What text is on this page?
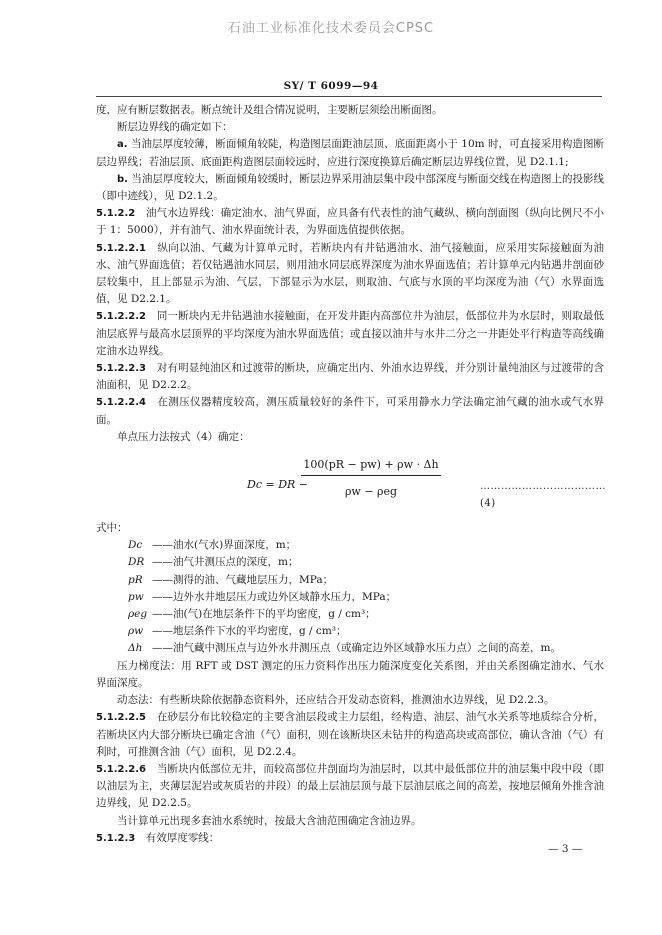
石油工业标准化技术委员会CPSC
SY/ T 6099—94

度，应有断层数据表。断点统计及组合情况说明，主要断层须绘出断面图。

断层边界线的确定如下：

a. 当油层厚度较薄，断面倾角较陡，构造图层面距油层顶、底面距离小于 10m 时，可直接采用构造图断层边界线；若油层顶、底面距构造图层面较远时，应进行深度换算后确定断层边界线位置，见 D2.1.1;

b. 当油层厚度较大，断面倾角较缓时，断层边界采用油层集中段中部深度与断面交线在构造图上的投影线（即中迹线），见 D2.1.2。

5.1.2.2　 油气水边界线：确定油水、油气界面，应具备有代表性的油气藏纵、横向剖面图（纵向比例尺不小于 1：5000），并有油气、油水界面统计表，为界面选值提供依据。

5.1.2.2.1　 纵向以油、气藏为计算单元时，若断块内有井钻遇油水、油气接触面，应采用实际接触面为油水、油气界面选值；若仅钻遇油水同层，则用油水同层底界深度为油水界面选值；若计算单元内钻遇井剖面砂层较集中，且上部显示为油、气层，下部显示为水层，则取油、气底与水顶的平均深度为油（气）水界面选值，见 D2.2.1。

5.1.2.2.2　 同一断块内无井钻遇油水接触面，在开发井距内高部位井为油层，低部位井为水层时，则取最低油层底界与最高水层顶界的平均深度为油水界面选值；或直接以油井与水井二分之一井距处平行构造等高线确定油水边界线。

5.1.2.2.3　 对有明显纯油区和过渡带的断块，应确定出内、外油水边界线，并分别计量纯油区与过渡带的含油面积，见 D2.2.2。

5.1.2.2.4　 在测压仪器精度较高，测压质量较好的条件下，可采用静水力学法确定油气藏的油水或气水界面。

单点压力法按式（4）确定：

Dc = DR −
100(pR − pw) + ρw · Δh
ρw − ρeg	………………………………(4)

式中：

Dc ——油水(气水)界面深度，m；

DR ——油气井测压点的深度，m；

pR ——测得的油、气藏地层压力，MPa；

pw ——边外水井地层压力或边外区域静水压力，MPa；

ρeg ——油(气)在地层条件下的平均密度，g / cm³；

ρw ——地层条件下水的平均密度，g / cm³；

Δh ——油气藏中测压点与边外水井测压点（或确定边外区域静水压力点）之间的高差，m。

压力梯度法：用 RFT 或 DST 测定的压力资料作出压力随深度变化关系图，并由关系图确定油水、气水界面深度。

动态法：有些断块除依据静态资料外，还应结合开发动态资料，推测油水边界线，见 D2.2.3。

5.1.2.2.5　 在砂层分布比较稳定的主要含油层段或主力层组，经构造、油层、油气水关系等地质综合分析，若断块区内大部分断块已确定含油（气）面积，则在该断块区未钻井的构造高块或高部位，确认含油（气）有利时，可推测含油（气）面积，见 D2.2.4。

5.1.2.2.6　 当断块内低部位无井，而较高部位井剖面均为油层时，以其中最低部位井的油层集中段中段（即以油层为主，夹薄层泥岩或灰质岩的井段）的最上层油层顶与最下层油层底之间的高差，按地层倾角外推含油边界线，见 D2.2.5。

当计算单元出现多套油水系统时，按最大含油范围确定含油边界。

5.1.2.3　 有效厚度零线：

— 3 —
